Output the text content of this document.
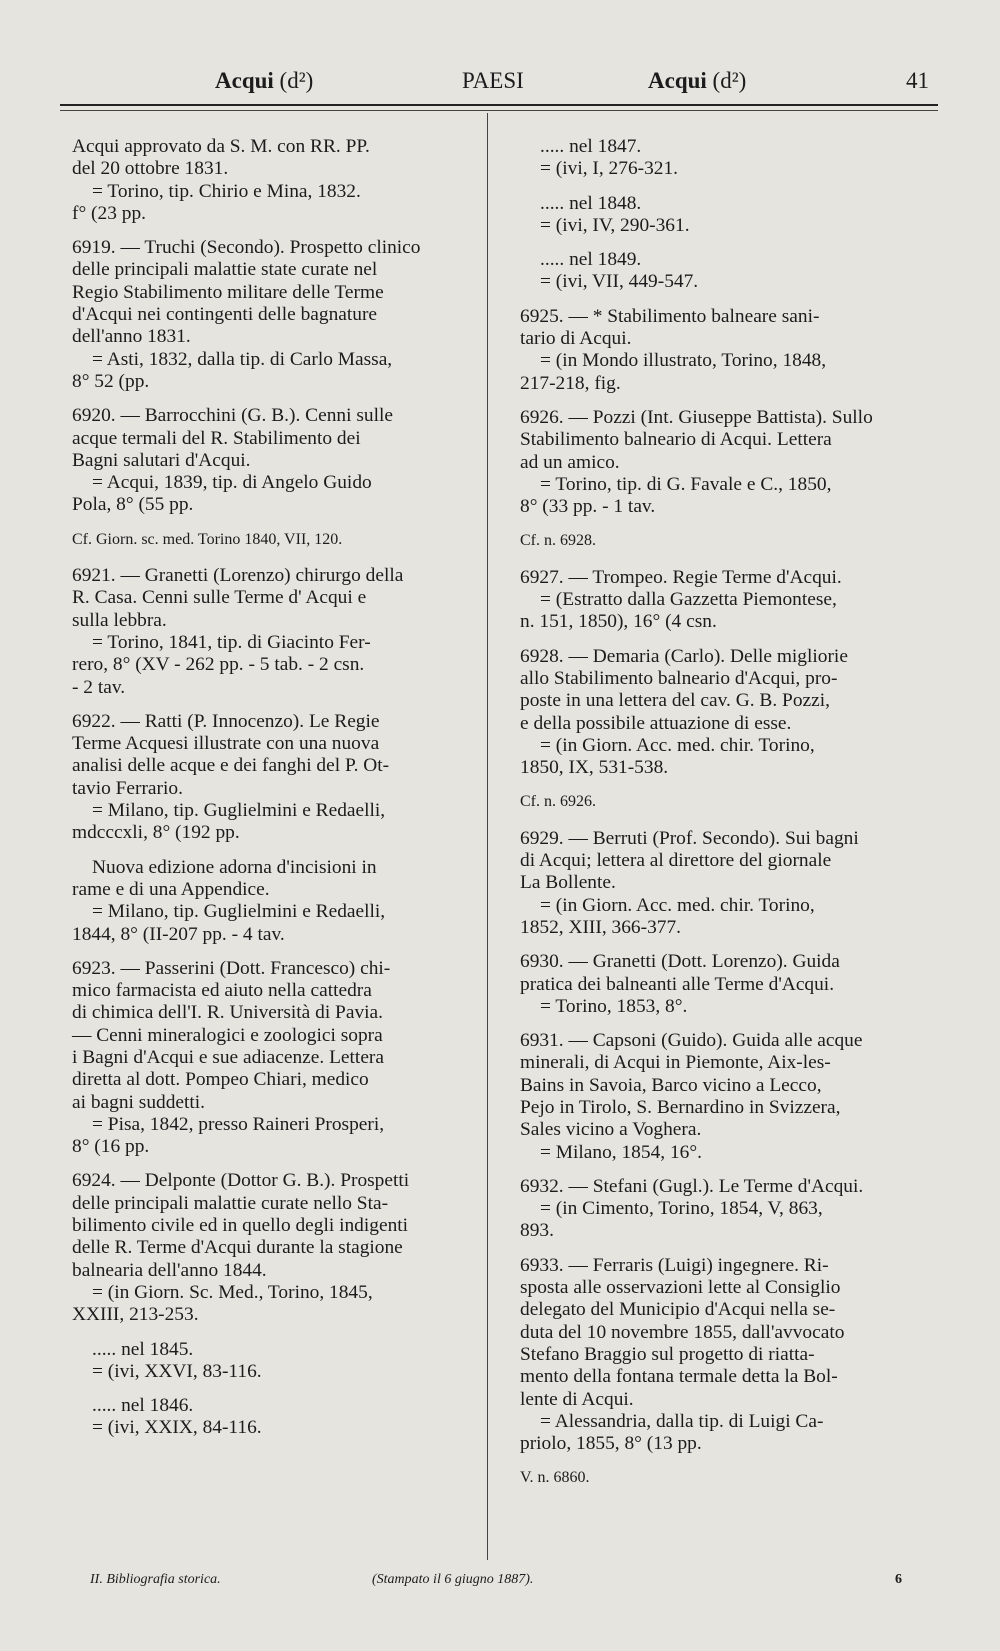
Acqui (d²)	PAESI	Acqui (d²)	41
Acqui approvato da S. M. con RR. PP.
del 20 ottobre 1831.
= Torino, tip. Chirio e Mina, 1832.
f° (23 pp.
6919. — Truchi (Secondo). Prospetto clinico
delle principali malattie state curate nel
Regio Stabilimento militare delle Terme
d'Acqui nei contingenti delle bagnature
dell'anno 1831.
= Asti, 1832, dalla tip. di Carlo Massa,
8° 52 (pp.
6920. — Barrocchini (G. B.). Cenni sulle
acque termali del R. Stabilimento dei
Bagni salutari d'Acqui.
= Acqui, 1839, tip. di Angelo Guido
Pola, 8° (55 pp.
Cf. Giorn. sc. med. Torino 1840, VII, 120.
6921. — Granetti (Lorenzo) chirurgo della
R. Casa. Cenni sulle Terme d' Acqui e
sulla lebbra.
= Torino, 1841, tip. di Giacinto Fer-
rero, 8° (XV - 262 pp. - 5 tab. - 2 csn.
- 2 tav.
6922. — Ratti (P. Innocenzo). Le Regie
Terme Acquesi illustrate con una nuova
analisi delle acque e dei fanghi del P. Ot-
tavio Ferrario.
= Milano, tip. Guglielmini e Redaelli,
mdcccxli, 8° (192 pp.
Nuova edizione adorna d'incisioni in
rame e di una Appendice.
= Milano, tip. Guglielmini e Redaelli,
1844, 8° (II-207 pp. - 4 tav.
6923. — Passerini (Dott. Francesco) chi-
mico farmacista ed aiuto nella cattedra
di chimica dell'I. R. Università di Pavia.
— Cenni mineralogici e zoologici sopra
i Bagni d'Acqui e sue adiacenze. Lettera
diretta al dott. Pompeo Chiari, medico
ai bagni suddetti.
= Pisa, 1842, presso Raineri Prosperi,
8° (16 pp.
6924. — Delponte (Dottor G. B.). Prospetti
delle principali malattie curate nello Sta-
bilimento civile ed in quello degli indigenti
delle R. Terme d'Acqui durante la stagione
balnearia dell'anno 1844.
= (in Giorn. Sc. Med., Torino, 1845,
XXIII, 213-253.
..... nel 1845.
= (ivi, XXVI, 83-116.
..... nel 1846.
= (ivi, XXIX, 84-116.
..... nel 1847.
= (ivi, I, 276-321.
..... nel 1848.
= (ivi, IV, 290-361.
..... nel 1849.
= (ivi, VII, 449-547.
6925. — * Stabilimento balneare sani-
tario di Acqui.
= (in Mondo illustrato, Torino, 1848,
217-218, fig.
6926. — Pozzi (Int. Giuseppe Battista). Sullo
Stabilimento balneario di Acqui. Lettera
ad un amico.
= Torino, tip. di G. Favale e C., 1850,
8° (33 pp. - 1 tav.
Cf. n. 6928.
6927. — Trompeo. Regie Terme d'Acqui.
= (Estratto dalla Gazzetta Piemontese,
n. 151, 1850), 16° (4 csn.
6928. — Demaria (Carlo). Delle migliorie
allo Stabilimento balneario d'Acqui, pro-
poste in una lettera del cav. G. B. Pozzi,
e della possibile attuazione di esse.
= (in Giorn. Acc. med. chir. Torino,
1850, IX, 531-538.
Cf. n. 6926.
6929. — Berruti (Prof. Secondo). Sui bagni
di Acqui; lettera al direttore del giornale
La Bollente.
= (in Giorn. Acc. med. chir. Torino,
1852, XIII, 366-377.
6930. — Granetti (Dott. Lorenzo). Guida
pratica dei balneanti alle Terme d'Acqui.
= Torino, 1853, 8°.
6931. — Capsoni (Guido). Guida alle acque
minerali, di Acqui in Piemonte, Aix-les-
Bains in Savoia, Barco vicino a Lecco,
Pejo in Tirolo, S. Bernardino in Svizzera,
Sales vicino a Voghera.
= Milano, 1854, 16°.
6932. — Stefani (Gugl.). Le Terme d'Acqui.
= (in Cimento, Torino, 1854, V, 863,
893.
6933. — Ferraris (Luigi) ingegnere. Ri-
sposta alle osservazioni lette al Consiglio
delegato del Municipio d'Acqui nella se-
duta del 10 novembre 1855, dall'avvocato
Stefano Braggio sul progetto di riatta-
mento della fontana termale detta la Bol-
lente di Acqui.
= Alessandria, dalla tip. di Luigi Ca-
priolo, 1855, 8° (13 pp.
V. n. 6860.
II. Bibliografia storica.	(Stampato il 6 giugno 1887).	6
